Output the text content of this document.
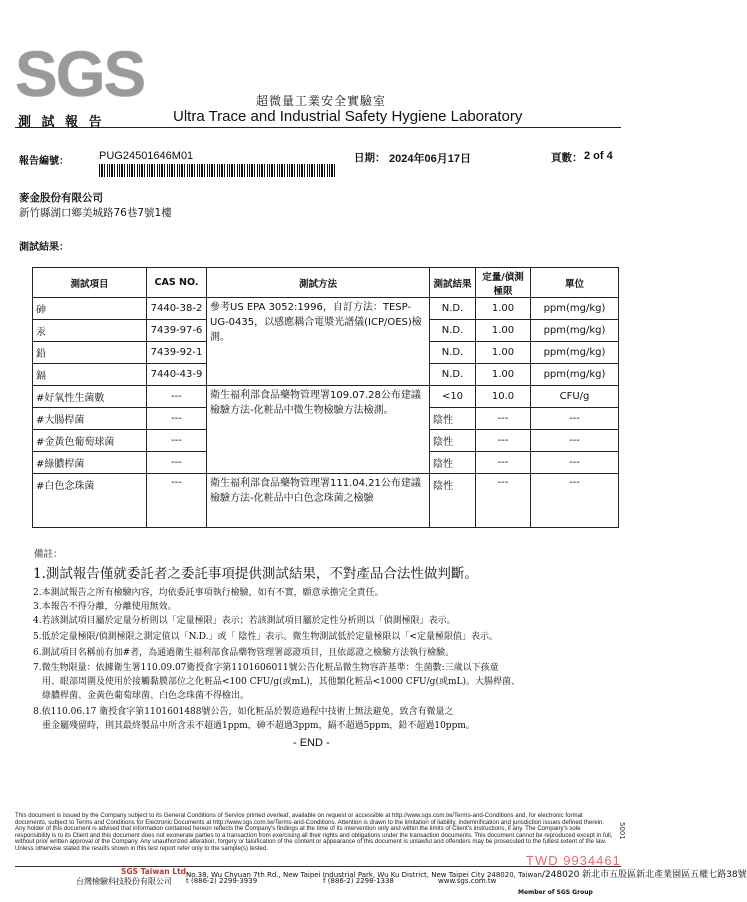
SGS	超微量工業安全實驗室
測 試 報 告	Ultra Trace and Industrial Safety Hygiene Laboratory
報告編號：	PUG24501646M01	日期： 2024年06月17日	頁數： 2 of 4
麥金股份有限公司
新竹縣湖口鄉美城路76巷7號1樓
測試結果：
測試項目	CAS NO.	測試方法	測試結果	定量/偵測極限	單位
砷	7440-38-2	參考US EPA 3052:1996，自訂方法：TESP-UG-0435，以感應耦合電漿光譜儀(ICP/OES)檢測。	N.D.	1.00	ppm(mg/kg)
汞	7439-97-6		N.D.	1.00	ppm(mg/kg)
鉛	7439-92-1		N.D.	1.00	ppm(mg/kg)
鎘	7440-43-9		N.D.	1.00	ppm(mg/kg)
#好氧性生菌數	---	衛生福利部食品藥物管理署109.07.28公布建議檢驗方法-化粧品中微生物檢驗方法檢測。	<10	10.0	CFU/g
#大腸桿菌	---		陰性	---	---
#金黃色葡萄球菌	---		陰性	---	---
#綠膿桿菌	---		陰性	---	---
#白色念珠菌	---	衛生福利部食品藥物管理署111.04.21公布建議檢驗方法-化粧品中白色念珠菌之檢驗	陰性	---	---
備註：
1.測試報告僅就委託者之委託事項提供測試結果，不對產品合法性做判斷。
2.本測試報告之所有檢驗內容，均依委託事項執行檢驗，如有不實，願意承擔完全責任。
3.本報告不得分離，分離使用無效。
4.若該測試項目屬於定量分析則以「定量極限」表示；若該測試項目屬於定性分析則以「偵測極限」表示。
5.低於定量極限/偵測極限之測定值以「N.D.」或「 陰性」表示。微生物測試低於定量極限以「<定量極限值」表示。
6.測試項目名稱前有加#者，為通過衛生福利部食品藥物管理署認證項目，且依認證之檢驗方法執行檢驗。
7.微生物限量：依據衛生署110.09.07衛授食字第1101606011號公告化粧品微生物容許基準：生菌數:三歲以下孩童
用、眼部周圍及使用於接觸黏膜部位之化粧品<100 CFU/g(或mL)，其他類化粧品<1000 CFU/g(或mL)。大腸桿菌、
綠膿桿菌、金黃色葡萄球菌、白色念珠菌不得檢出。
8.依110.06.17 衛授食字第1101601488號公告，如化粧品於製造過程中技術上無法避免，致含有微量之
重金屬殘留時，則其最終製品中所含汞不超過1ppm，砷不超過3ppm，鎘不超過5ppm，鉛不超過10ppm。
- END -
This document is issued by the Company subject to its General Conditions of Service printed overleaf, available on request or accessible at http://www.sgs.com.tw/Terms-and-Conditions and, for electronic format documents, subject to Terms and Conditions for Electronic Documents at http://www.sgs.com.tw/Terms-and-Conditions. Attention is drawn to the limitation of liability, indemnification and jurisdiction issues defined therein. Any holder of this document is advised that information contained hereon reflects the Company's findings at the time of its intervention only and within the limits of Client's instructions, if any. The Company's sole responsibility is to its Client and this document does not exonerate parties to a transaction from exercising all their rights and obligations under the transaction documents. This document cannot be reproduced except in full, without prior written approval of the Company. Any unauthorized alteration, forgery or falsification of the content or appearance of this document is unlawful and offenders may be prosecuted to the fullest extent of the law. Unless otherwise stated the results shown in this test report refer only to the sample(s) tested.
TWD 9934461
5001
SGS Taiwan Ltd.
台灣檢驗科技股份有限公司
No.38, Wu Chyuan 7th Rd., New Taipei Industrial Park, Wu Ku District, New Taipei City 248020, Taiwan/248020 新北市五股區新北產業園區五權七路38號
t (886-2) 2299-3939	f (886-2) 2298-1338	www.sgs.com.tw
Member of SGS Group
